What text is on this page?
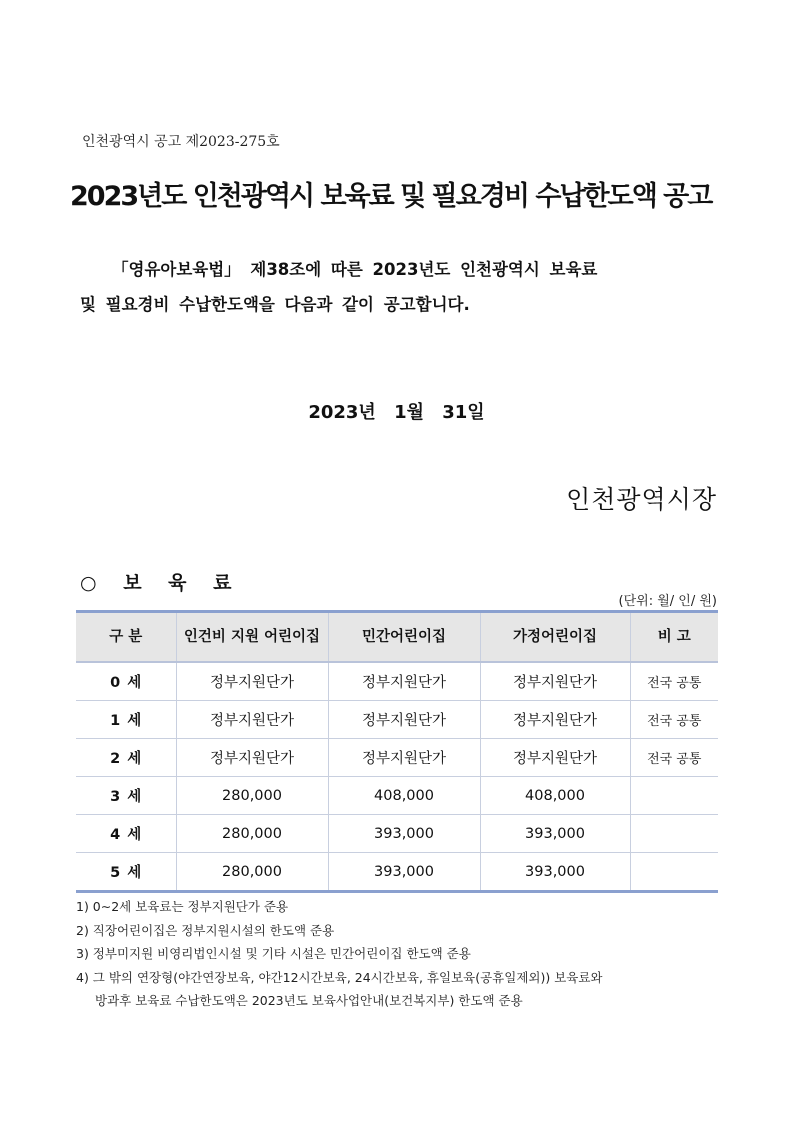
인천광역시 공고 제2023-275호
2023년도 인천광역시 보육료 및 필요경비 수납한도액 공고
「영유아보육법」 제38조에 따른 2023년도 인천광역시 보육료
및 필요경비 수납한도액을 다음과 같이 공고합니다.
2023년 1월 31일
인천광역시장
○ 보 육 료
(단위: 월/ 인/ 원)
구 분	인건비 지원 어린이집	민간어린이집	가정어린이집	비 고
0 세	정부지원단가	정부지원단가	정부지원단가	전국 공통
1 세	정부지원단가	정부지원단가	정부지원단가	전국 공통
2 세	정부지원단가	정부지원단가	정부지원단가	전국 공통
3 세	280,000	408,000	408,000	
4 세	280,000	393,000	393,000	
5 세	280,000	393,000	393,000	
1) 0∼2세 보육료는 정부지원단가 준용
2) 직장어린이집은 정부지원시설의 한도액 준용
3) 정부미지원 비영리법인시설 및 기타 시설은 민간어린이집 한도액 준용
4) 그 밖의 연장형(야간연장보육, 야간12시간보육, 24시간보육, 휴일보육(공휴일제외)) 보육료와
방과후 보육료 수납한도액은 2023년도 보육사업안내(보건복지부) 한도액 준용
